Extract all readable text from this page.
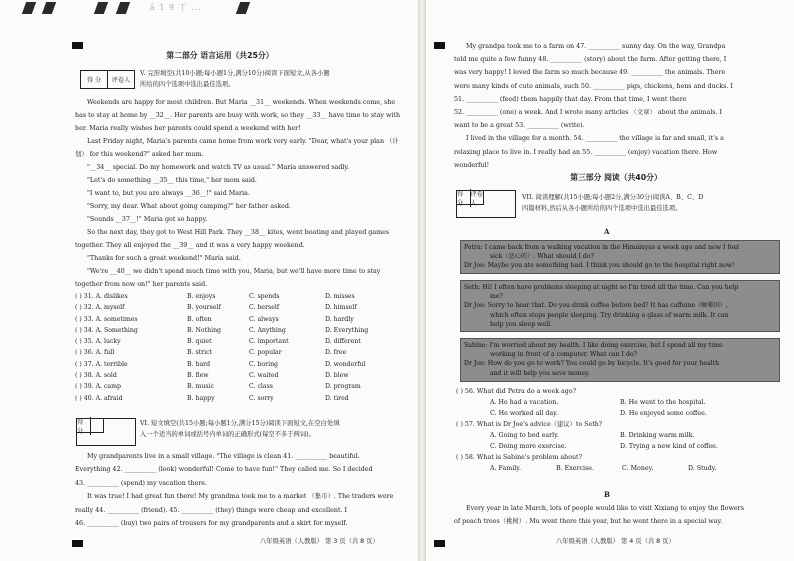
ā 1 9 丁 ...
第二部分 语言运用（共25分）
得 分	评卷人

V. 完形填空(共10小题;每小题1分,满分10分)阅读下面短文,从各小题

所给的四个选项中选出最佳选项。

Weekends are happy for most children. But Maria __31__ weekends. When weekends come, she
has to stay at home by __32__. Her parents are busy with work, so they __33__ have time to stay with
her. Maria really wishes her parents could spend a weekend with her!
Last Friday night, Maria's parents came home from work very early. "Dear, what's your plan （计
划） for this weekend?" asked her mum.
"__34__ special. Do my homework and watch TV as usual." Maria answered sadly.
"Let's do something __35__ this time," her mom said.
"I want to, but you are always __36__!" said Maria.
"Sorry, my dear. What about going camping?" her father asked.
"Sounds __37__!" Maria got so happy.
So the next day, they got to West Hill Park. They __38__ kites, went boating and played games
together. They all enjoyed the __39__ and it was a very happy weekend.
"Thanks for such a great weekend!" Maria said.
"We're __40__ we didn't spend much time with you, Maria, but we'll have more time to stay
together from now on!" her parents said.
( ) 31. A. dislikes	B. enjoys	C. spends	D. misses
( ) 32. A. myself	B. yourself	C. herself	D. himself
( ) 33. A. sometimes	B. often	C. always	D. hardly
( ) 34. A. Something	B. Nothing	C. Anything	D. Everything
( ) 35. A. lucky	B. quiet	C. important	D. different
( ) 36. A. full	B. strict	C. popular	D. free
( ) 37. A. terrible	B. hard	C. boring	D. wonderful
( ) 38. A. sold	B. flew	C. waited	D. blew
( ) 39. A. camp	B. music	C. class	D. program
( ) 40. A. afraid	B. happy	C. sorry	D. tired
得 分

VI. 短文填空(共15小题;每小题1分,满分15分)阅读下面短文,在空白处填

入一个适当的单词或括号内单词的正确形式(每空不多于两词)。

My grandparents live in a small village. "The village is clean 41. __________ beautiful.
Everything 42. __________ (look) wonderful! Come to have fun!" They called me. So I decided
43. __________ (spend) my vacation there.
It was true! I had great fun there! My grandma took me to a market （集市）. The traders were
really 44. __________ (friend). 45. __________ (they) things were cheap and excellent. I
46. __________ (buy) two pairs of trousers for my grandparents and a skirt for myself.
八年级英语（人教版） 第 3 页（共 8 页）
My grandpa took me to a farm on 47. __________ sunny day. On the way, Grandpa
told me quite a few funny 48. __________ (story) about the farm. After getting there, I
was very happy! I loved the farm so much because 49. __________ the animals. There
were many kinds of cute animals, such 50. __________ pigs, chickens, hens and ducks. I
51. __________ (feed) them happily that day. From that time, I went there
52. __________ (one) a week. And I wrote many articles （文章） about the animals. I
want to be a great 53. __________ (write).
I lived in the village for a month. 54. __________ the village is far and small, it's a
relaxing place to live in. I really had an 55. __________ (enjoy) vacation there. How
wonderful!
第三部分 阅读（共40分）
得 分
评卷人

VII. 阅读理解(共15小题;每小题2分,满分30分)阅读A、B、C、D

四篇材料,然后从各小题所给的四个选项中选出最佳选项。

A

Petra: I came back from a walking vacation in the Himalayas a week ago and now I feel

sick（恶心的）. What should I do?

Dr Joe: Maybe you ate something bad. I think you should go to the hospital right now!

Seth: Hi! I often have problems sleeping at night so I'm tired all the time. Can you help

me?

Dr Joe: Sorry to hear that. Do you drink coffee before bed? It has caffeine（咖啡因）,

which often stops people sleeping. Try drinking a glass of warm milk. It can

help you sleep well.

Sabine: I'm worried about my health. I like doing exercise, but I spend all my time

working in front of a computer. What can I do?

Dr Joe: How do you go to work? You could go by bicycle. It's good for your health

and it will help you save money.

( ) 56. What did Petra do a week ago?
A. He had a vacation.	B. He went to the hospital.
C. He worked all day.	D. He enjoyed some coffee.
( ) 57. What is Dr Joe's advice（建议）to Seth?
A. Going to bed early.	B. Drinking warm milk.
C. Doing more exercise.	D. Trying a new kind of coffee.
( ) 58. What is Sabine's problem about?
A. Family.	B. Exercise.	C. Money.	D. Study.
B
Every year in late March, lots of people would like to visit Xixiang to enjoy the flowers
of peach trees（桃树）. Mu went there this year, but he went there in a special way.
八年级英语（人教版） 第 4 页（共 8 页）
